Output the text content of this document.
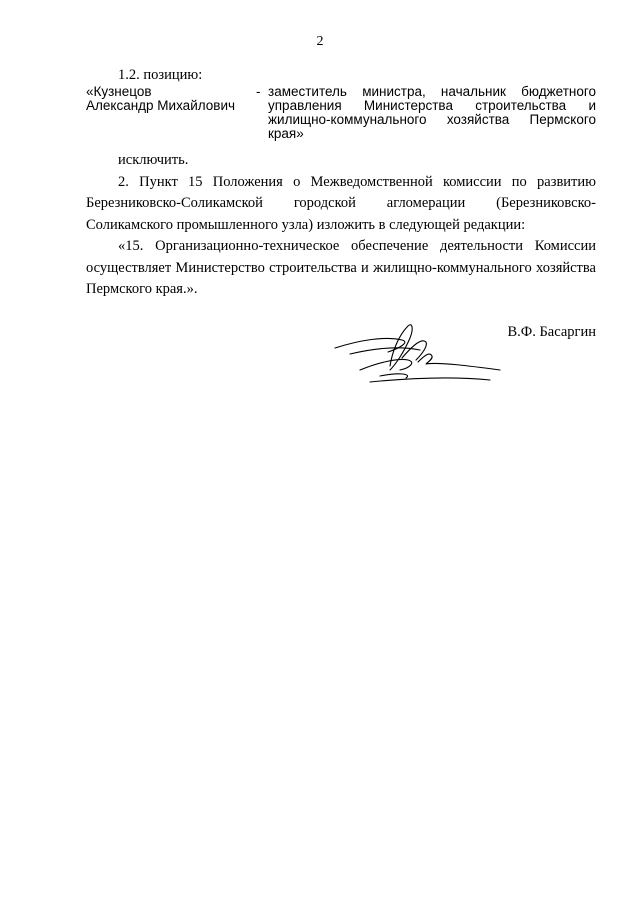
2
1.2. позицию:
«Кузнецов
Александр Михайлович
- заместитель министра, начальник бюджетного управления Министерства строительства и жилищно-коммунального хозяйства Пермского края»

исключить.

2. Пункт 15 Положения о Межведомственной комиссии по развитию Березниковско-Соликамской городской агломерации (Березниковско-Соликамского промышленного узла) изложить в следующей редакции:

«15. Организационно-техническое обеспечение деятельности Комиссии осуществляет Министерство строительства и жилищно-коммунального хозяйства Пермского края.».

В.Ф. Басаргин
